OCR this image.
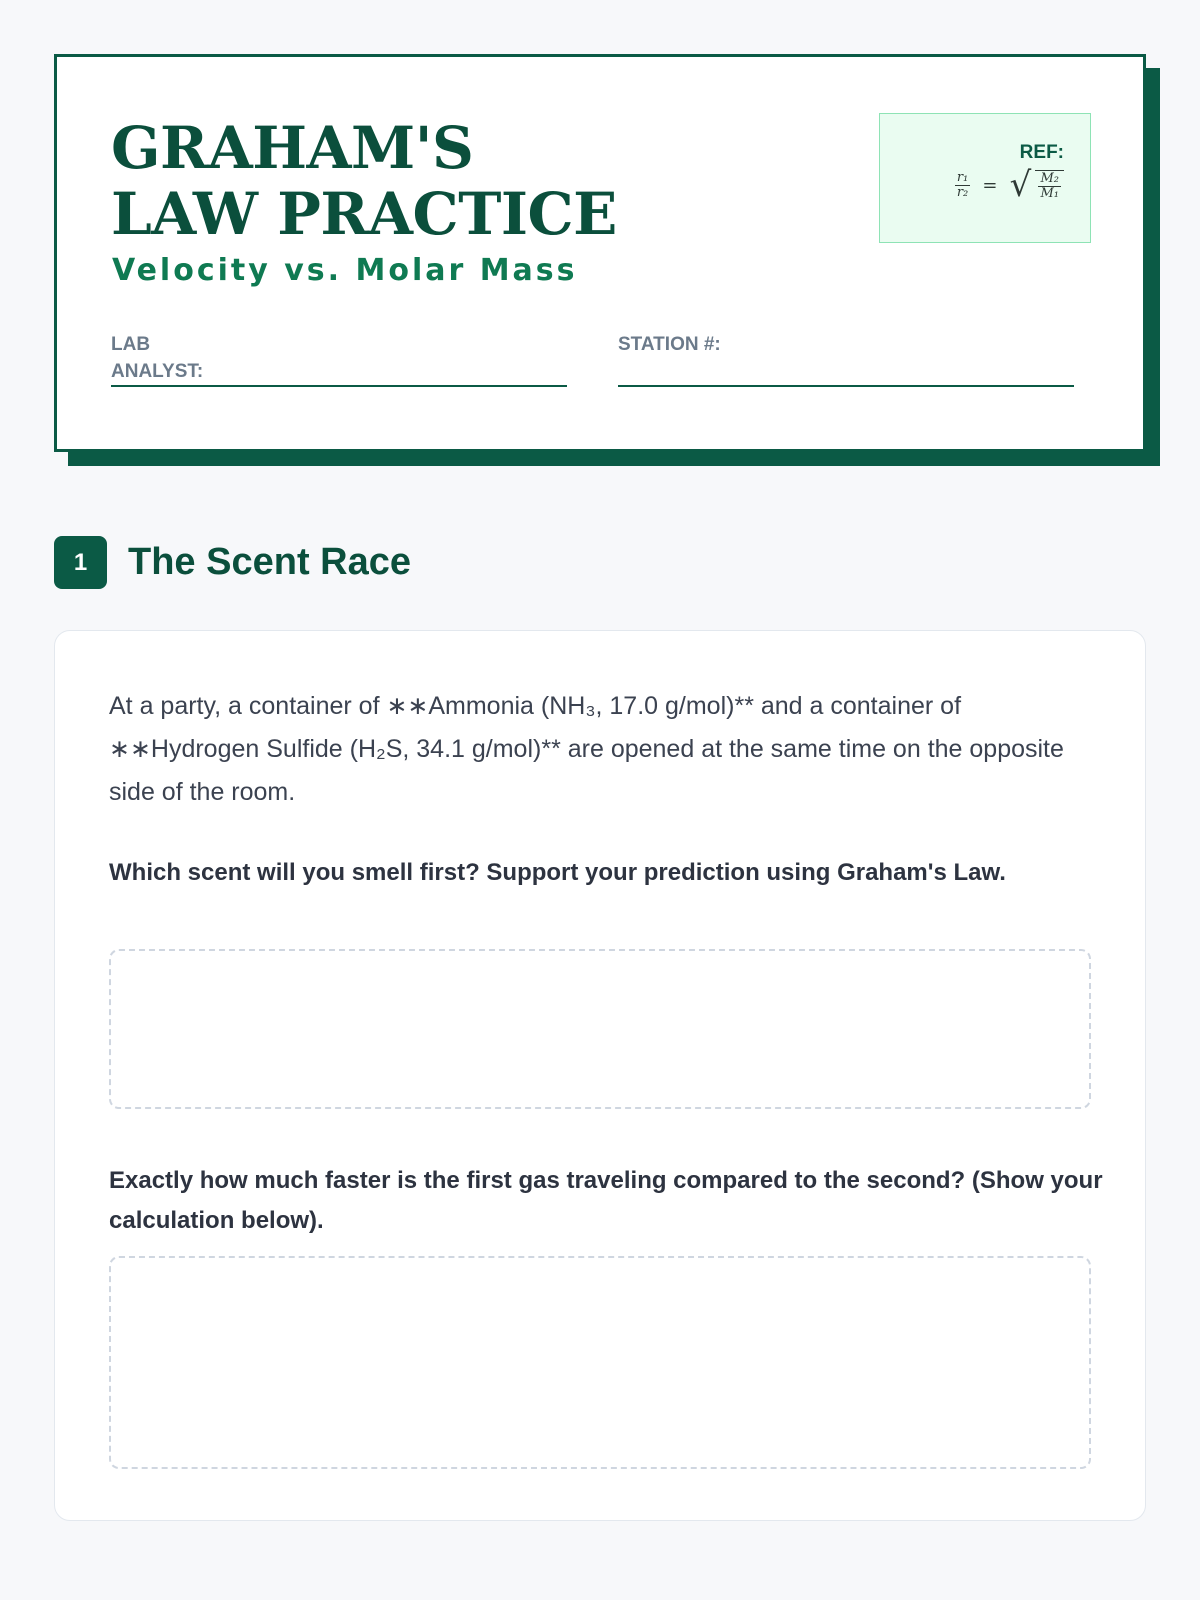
GRAHAM'S LAW PRACTICE
Velocity vs. Molar Mass
REF:
$\frac{\text{r₁}}{\text{r₂}}$ = √ $\frac{\text{M₂}}{\text{M₁}}$
LAB ANALYST:
STATION #:
1	The Scent Race

At a party, a container of ∗∗Ammonia (NH₃, 17.0 g/mol)** and a container of ∗∗Hydrogen Sulfide (H₂S, 34.1 g/mol)** are opened at the same time on the opposite side of the room.

Which scent will you smell first? Support your prediction using Graham's Law.

Exactly how much faster is the first gas traveling compared to the second? (Show your calculation below).
